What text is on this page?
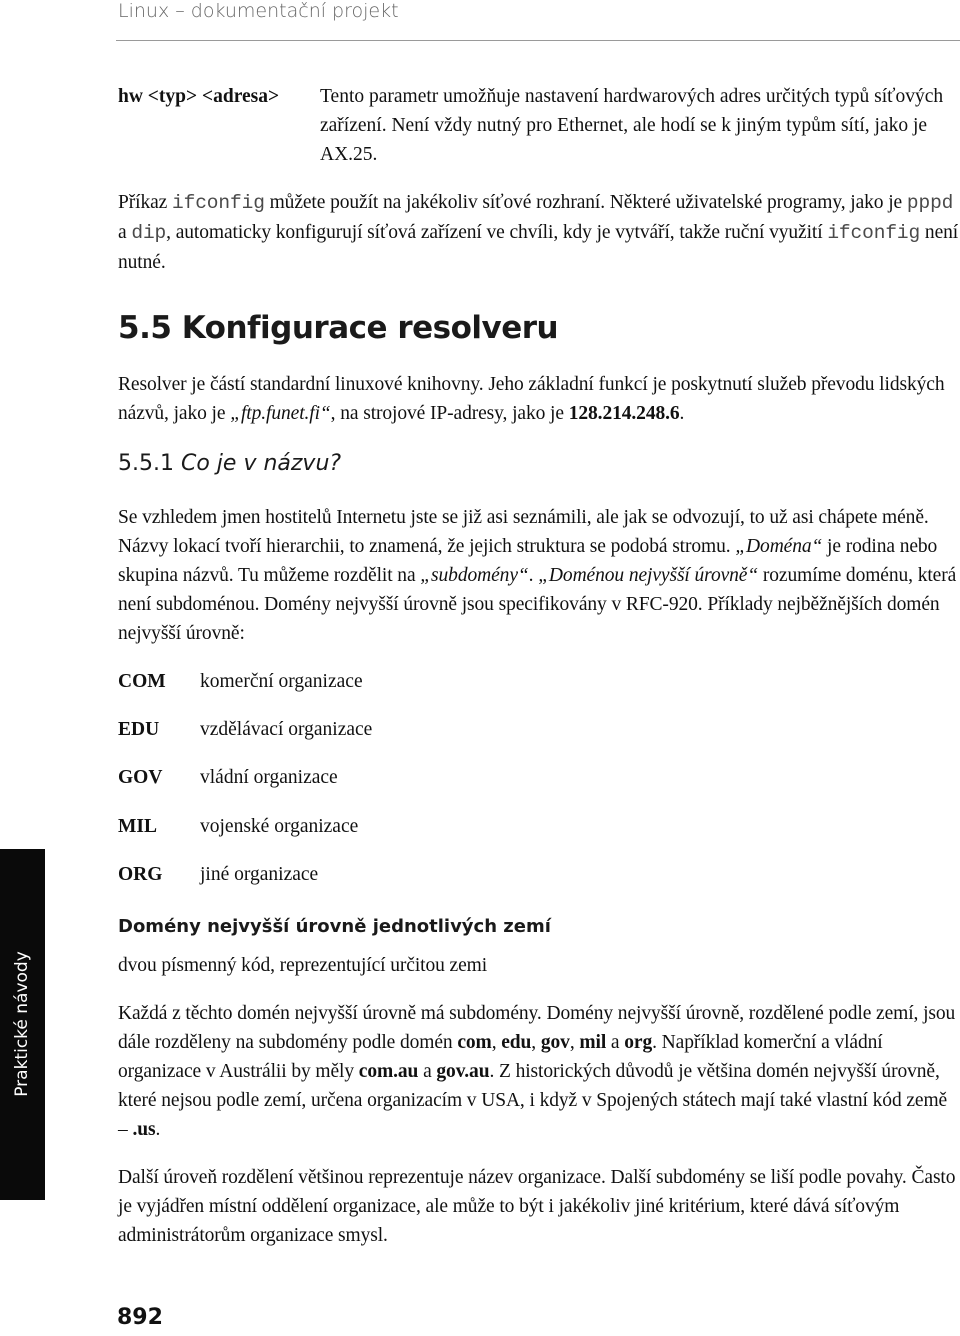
Linux – dokumentační projekt
hw <typ> <adresa>	Tento parametr umožňuje nastavení hardwarových adres určitých typů síťových zařízení. Není vždy nutný pro Ethernet, ale hodí se k jiným typům sítí, jako je AX.25.
Příkaz ifconfig můžete použít na jakékoliv síťové rozhraní. Některé uživatelské programy, jako je pppd a dip, automaticky konfigurují síťová zařízení ve chvíli, kdy je vytváří, takže ruční využití ifconfig není nutné.
5.5 Konfigurace resolveru
Resolver je částí standardní linuxové knihovny. Jeho základní funkcí je poskytnutí služeb převodu lidských názvů, jako je „ftp.funet.fi“, na strojové IP-adresy, jako je 128.214.248.6.
5.5.1 Co je v názvu?
Se vzhledem jmen hostitelů Internetu jste se již asi seznámili, ale jak se odvozují, to už asi chápete méně. Názvy lokací tvoří hierarchii, to znamená, že jejich struktura se podobá stromu. „Doména“ je rodina nebo skupina názvů. Tu můžeme rozdělit na „subdomény“. „Doménou nejvyšší úrovně“ rozumíme doménu, která není subdoménou. Domény nejvyšší úrovně jsou specifikovány v RFC-920. Příklady nejběžnějších domén nejvyšší úrovně:
COM komerční organizace
EDU vzdělávací organizace
GOV vládní organizace
MIL vojenské organizace
ORG jiné organizace
Domény nejvyšší úrovně jednotlivých zemí
dvou písmenný kód, reprezentující určitou zemi
Každá z těchto domén nejvyšší úrovně má subdomény. Domény nejvyšší úrovně, rozdělené podle zemí, jsou dále rozděleny na subdomény podle domén com, edu, gov, mil a org. Například komerční a vládní organizace v Austrálii by měly com.au a gov.au. Z historických důvodů je většina domén nejvyšší úrovně, které nejsou podle zemí, určena organizacím v USA, i když v Spojených státech mají také vlastní kód země – .us.
Další úroveň rozdělení většinou reprezentuje název organizace. Další subdomény se liší podle povahy. Často je vyjádřen místní oddělení organizace, ale může to být i jakékoliv jiné kritérium, které dává síťovým administrátorům organizace smysl.
Praktické návody
892
